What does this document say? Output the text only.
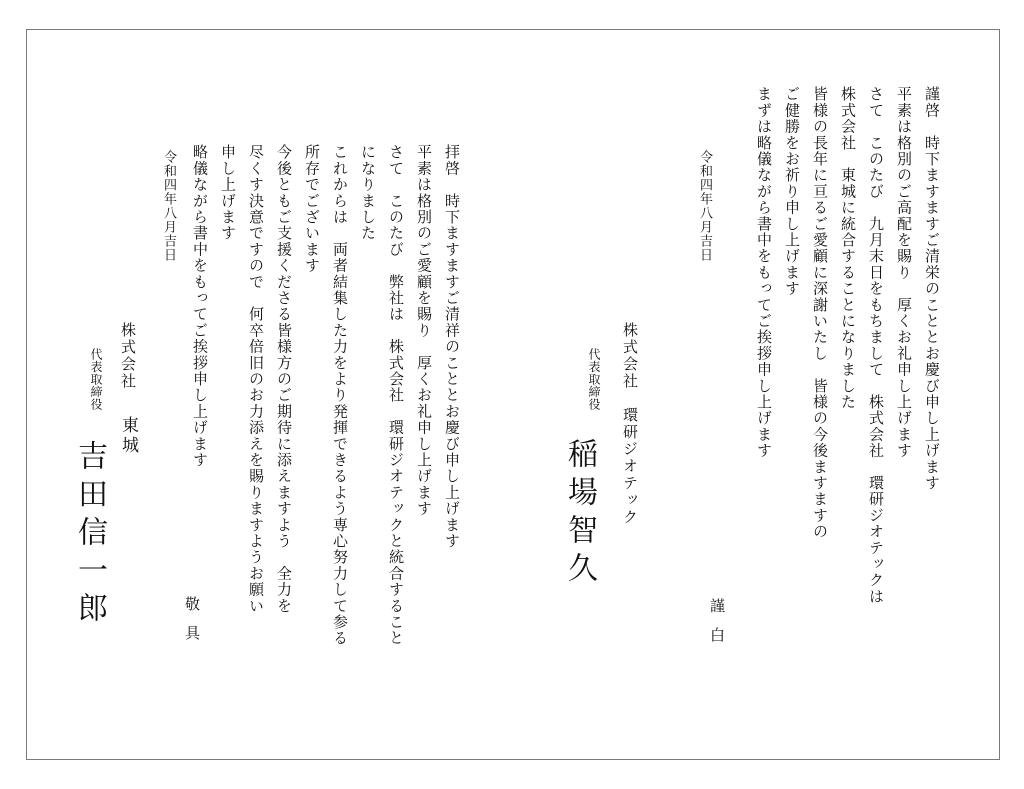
謹啓　時下ますますご清栄のこととお慶び申し上げます
平素は格別のご高配を賜り　厚くお礼申し上げます
さて　このたび　九月末日をもちまして　株式会社　環研ジオテックは
株式会社　東城に統合することになりました
皆様の長年に亘るご愛顧に深謝いたし　皆様の今後ますますの
ご健勝をお祈り申し上げます
まずは略儀ながら書中をもってご挨拶申し上げます
謹白
令和四年八月吉日
株式会社　環研ジオテック
代表取締役
稲場智久
拝啓　時下ますますご清祥のこととお慶び申し上げます
平素は格別のご愛顧を賜り　厚くお礼申し上げます
さて　このたび　弊社は　株式会社　環研ジオテックと統合すること
になりました
これからは　両者結集した力をより発揮できるよう専心努力して参る
所存でございます
今後ともご支援くださる皆様方のご期待に添えますよう　全力を
尽くす決意ですので　何卒倍旧のお力添えを賜りますようお願い
申し上げます
略儀ながら書中をもってご挨拶申し上げます
令和四年八月吉日
敬具
株式会社
東城
代表取締役
吉田信一郎
